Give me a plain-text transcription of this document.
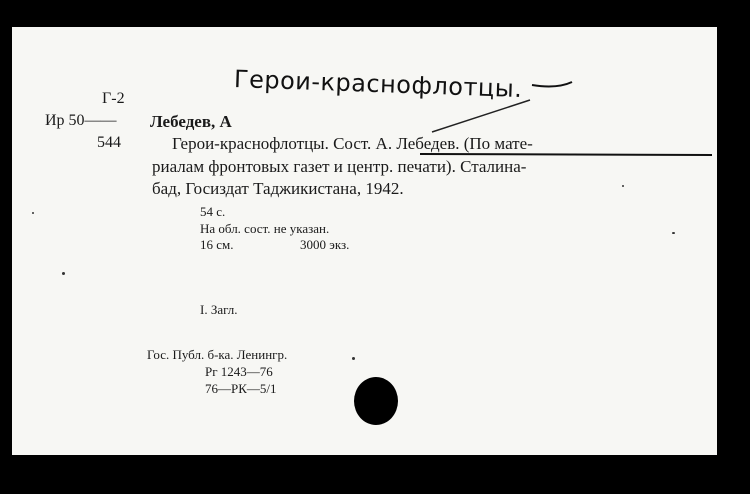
Герои-краснофлотцы.
Г-2
Ир 50——
544
Лебедев, А
Герои-краснофлотцы. Сост. А. Лебедев. (По мате-
риалам фронтовых газет и центр. печати). Сталина-
бад, Госиздат Таджикистана, 1942.
54 с.
На обл. сост. не указан.
16 см.	3000 экз.
I. Загл.
Гос. Публ. б-ка. Ленингр.
Рг 1243—76
76—РК—5/1
